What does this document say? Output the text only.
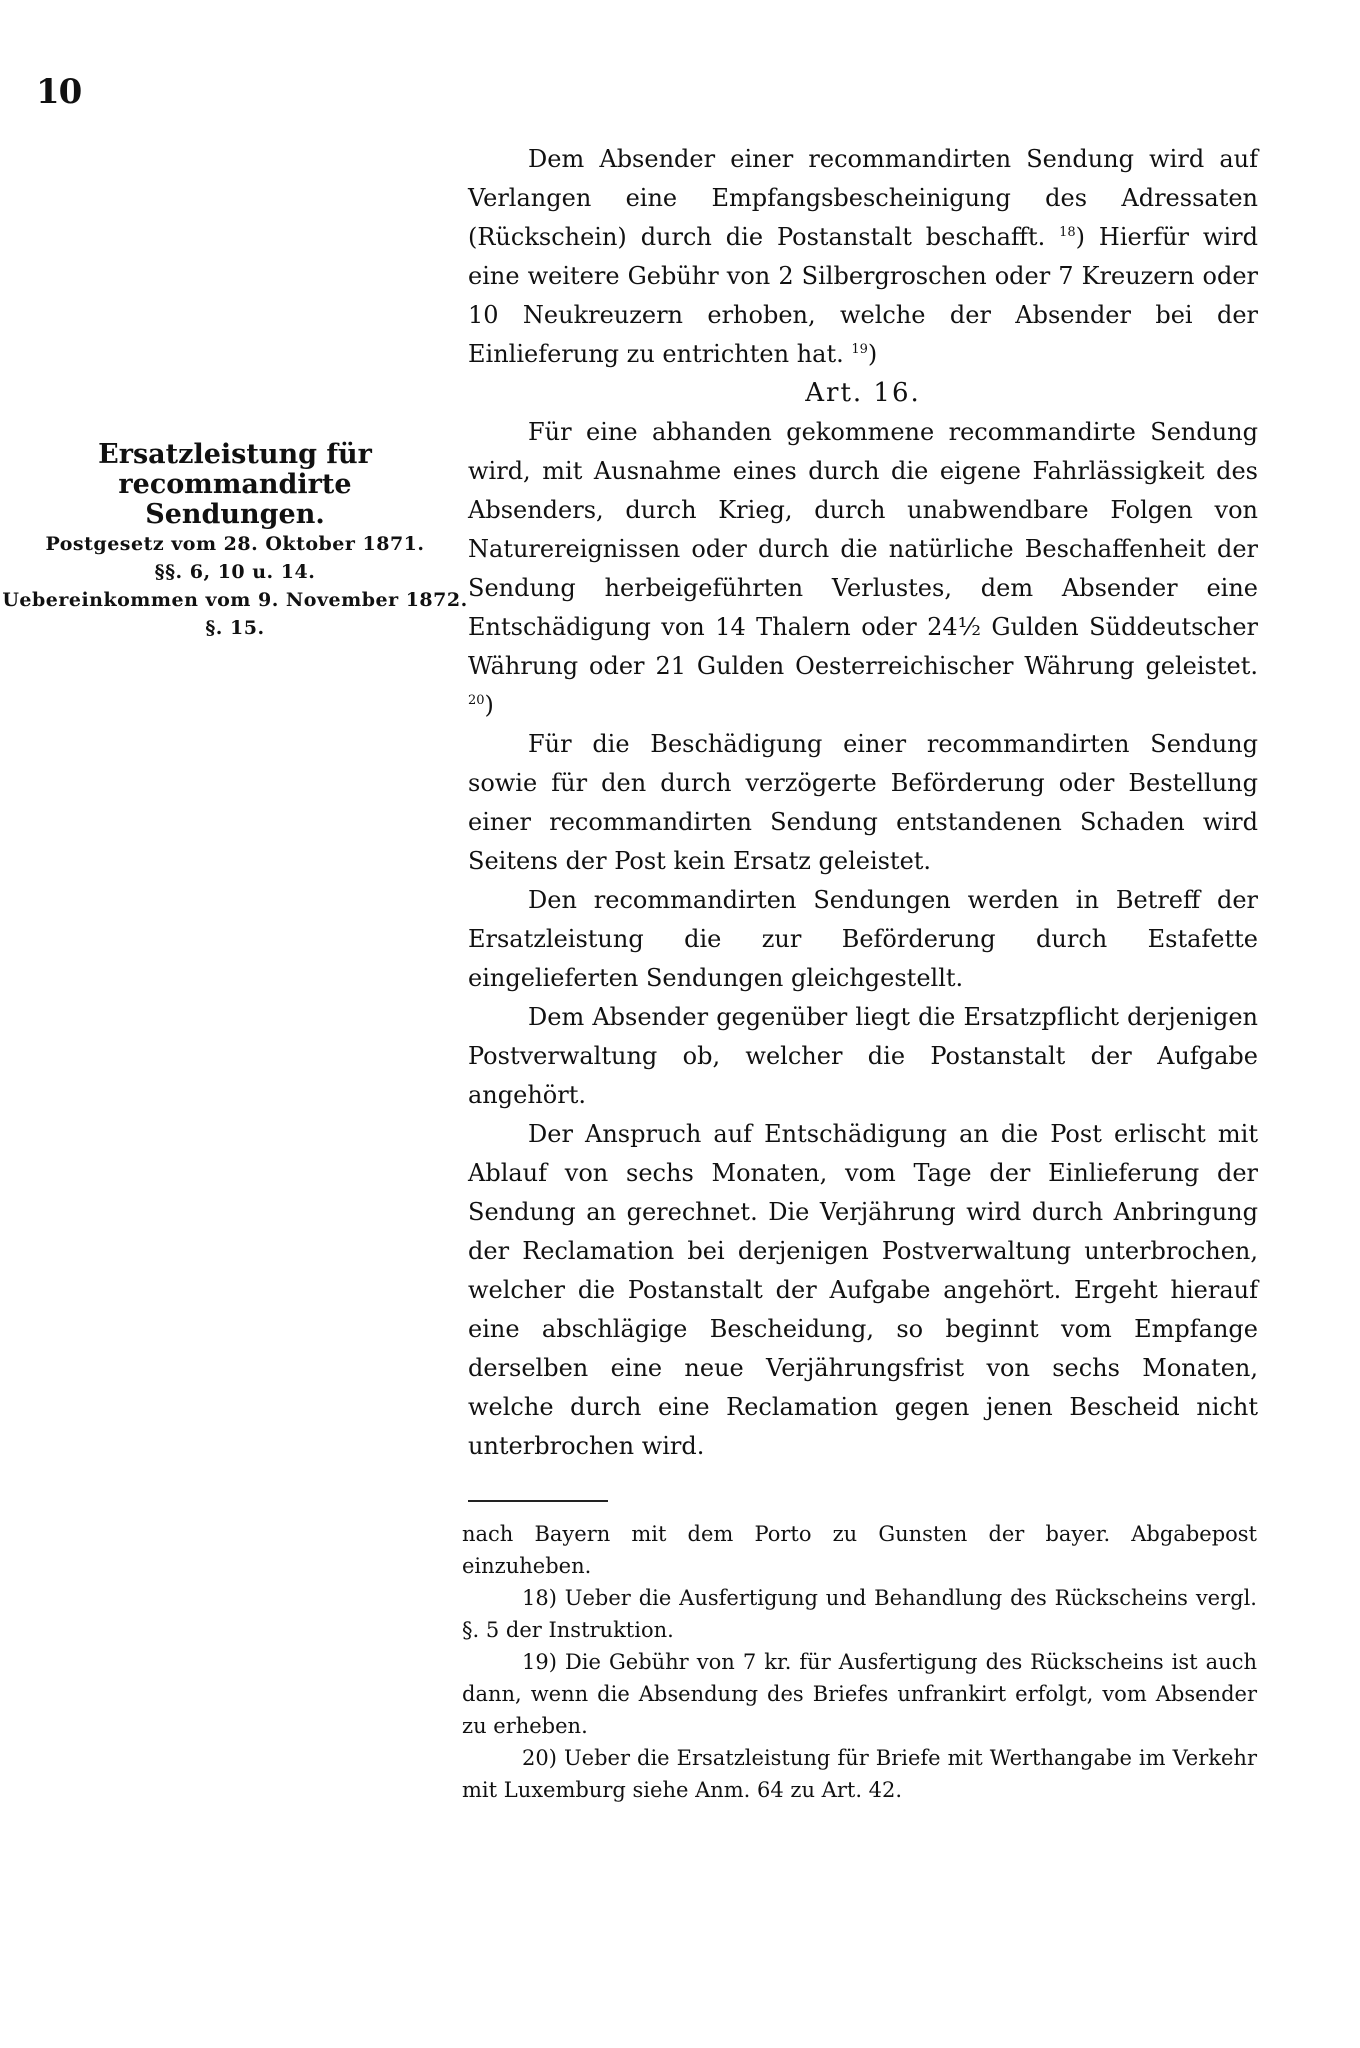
10

Ersatzleistung für recommandirte

Sendungen.

Postgesetz vom 28. Oktober 1871.

§§. 6, 10 u. 14.

Uebereinkommen vom 9. November 1872.

§. 15.

Dem Absender einer recommandirten Sendung wird auf Verlangen eine Empfangsbescheinigung des Adressaten (Rückschein) durch die Postanstalt beschafft. $^{18}$) Hierfür wird eine weitere Gebühr von 2 Silbergroschen oder 7 Kreuzern oder 10 Neukreuzern erhoben, welche der Absender bei der Einlieferung zu entrichten hat. $^{19}$)

Art. 16.

Für eine abhanden gekommene recommandirte Sendung wird, mit Ausnahme eines durch die eigene Fahrlässigkeit des Absenders, durch Krieg, durch unabwendbare Folgen von Naturereignissen oder durch die natürliche Beschaffenheit der Sendung herbeigeführten Verlustes, dem Absender eine Entschädigung von 14 Thalern oder 24½ Gulden Süddeutscher Währung oder 21 Gulden Oesterreichischer Währung geleistet. $^{20}$)

Für die Beschädigung einer recommandirten Sendung sowie für den durch verzögerte Beförderung oder Bestellung einer recommandirten Sendung entstandenen Schaden wird Seitens der Post kein Ersatz geleistet.

Den recommandirten Sendungen werden in Betreff der Ersatzleistung die zur Beförderung durch Estafette eingelieferten Sendungen gleichgestellt.

Dem Absender gegenüber liegt die Ersatzpflicht derjenigen Postverwaltung ob, welcher die Postanstalt der Aufgabe angehört.

Der Anspruch auf Entschädigung an die Post erlischt mit Ablauf von sechs Monaten, vom Tage der Einlieferung der Sendung an gerechnet. Die Verjährung wird durch Anbringung der Reclamation bei derjenigen Postverwaltung unterbrochen, welcher die Postanstalt der Aufgabe angehört. Ergeht hierauf eine abschlägige Bescheidung, so beginnt vom Empfange derselben eine neue Verjährungsfrist von sechs Monaten, welche durch eine Reclamation gegen jenen Bescheid nicht unterbrochen wird.

nach Bayern mit dem Porto zu Gunsten der bayer. Abgabepost einzuheben.

18) Ueber die Ausfertigung und Behandlung des Rückscheins vergl. §. 5 der Instruktion.

19) Die Gebühr von 7 kr. für Ausfertigung des Rückscheins ist auch dann, wenn die Absendung des Briefes unfrankirt erfolgt, vom Absender zu erheben.

20) Ueber die Ersatzleistung für Briefe mit Werthangabe im Verkehr mit Luxemburg siehe Anm. 64 zu Art. 42.
